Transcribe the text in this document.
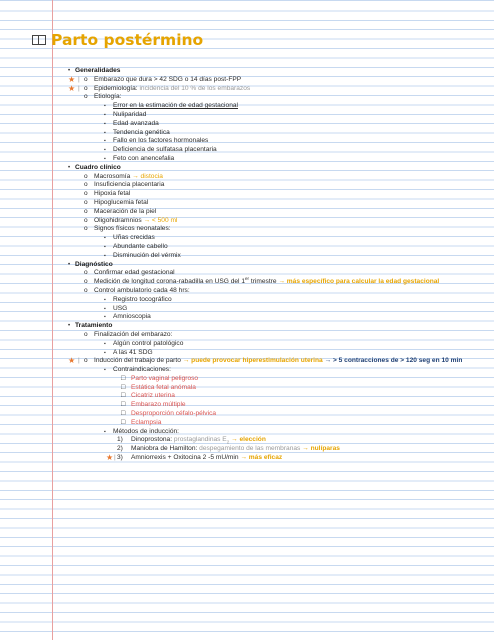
Parto postérmino
• Generalidades
★ | o Embarazo que dura > 42 SDG o 14 días post-FPP
★ | o Epidemiología: incidencia del 10 % de los embarazos
o Etiología:
▪ Error en la estimación de edad gestacional
▪ Nuliparidad
▪ Edad avanzada
▪ Tendencia genética
▪ Fallo en los factores hormonales
▪ Deficiencia de sulfatasa placentaria
▪ Feto con anencefalia
• Cuadro clínico
o Macrosomía → distocia
o Insuficiencia placentaria
o Hipoxia fetal
o Hipoglucemia fetal
o Maceración de la piel
o Oligohidramnios → < 500 ml
o Signos físicos neonatales:
▪ Uñas crecidas
▪ Abundante cabello
▪ Disminución del vérmix
• Diagnóstico
o Confirmar edad gestacional
o Medición de longitud corona-rabadilla en USG del 1er trimestre → más específico para calcular la edad gestacional
o Control ambulatorio cada 48 hrs:
▪ Registro tocográfico
▪ USG
▪ Amnioscopia
• Tratamiento
o Finalización del embarazo:
▪ Algún control patológico
▪ A las 41 SDG
★ | o Inducción del trabajo de parto → puede provocar hiperestimulación uterina → > 5 contracciones de > 120 seg en 10 min
▪ Contraindicaciones:
□ Parto vaginal peligroso
□ Estática fetal anómala
□ Cicatriz uterina
□ Embarazo múltiple
□ Desproporción céfalo-pélvica
□ Eclampsia
▪ Métodos de inducción:
1) Dinoprostona: prostaglandinas $E_2$ → elección
2) Maniobra de Hamilton: despegamiento de las membranas → nulíparas
★ | 3) Amniorrexis + Oxitocina 2 -5 mU/min → más eficaz
